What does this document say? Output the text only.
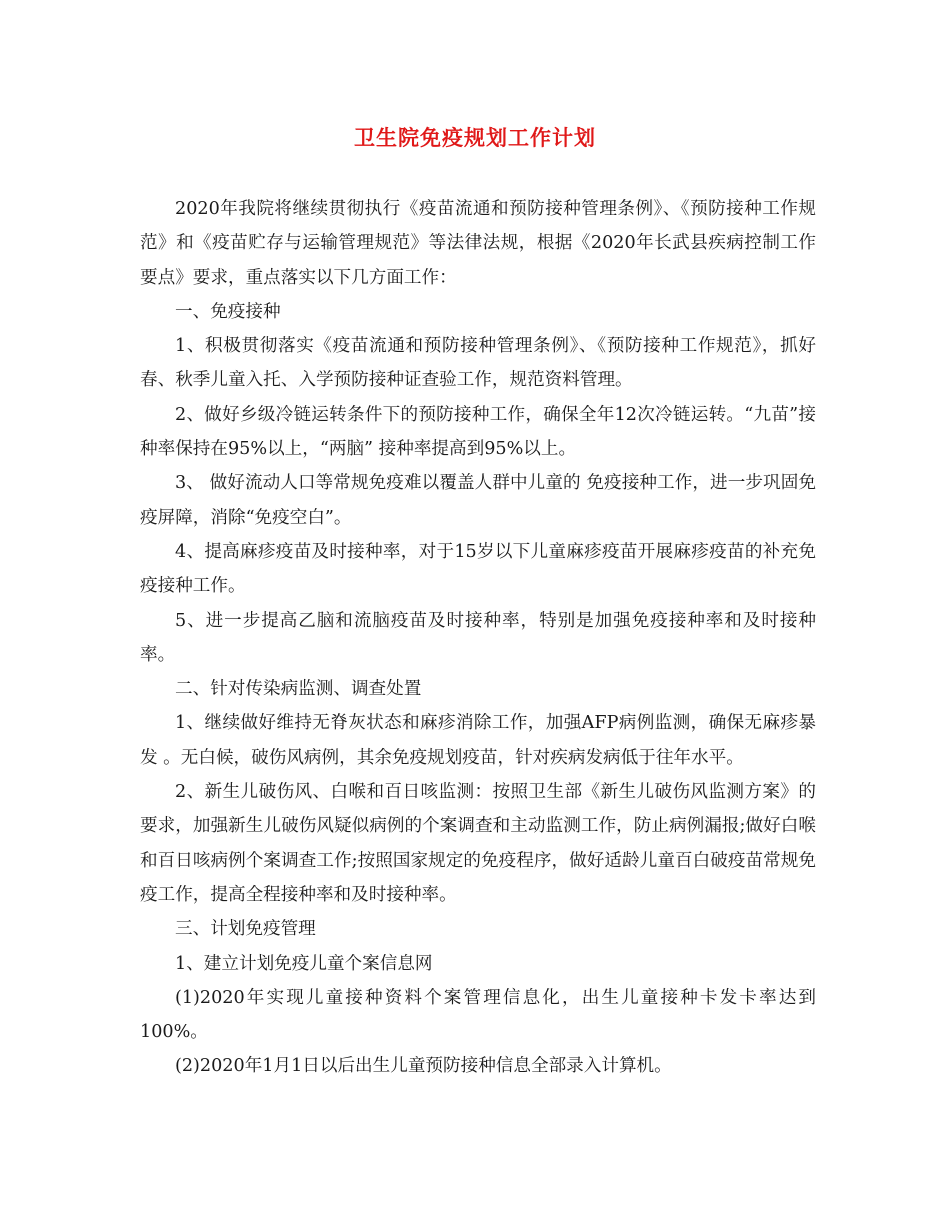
卫生院免疫规划工作计划

2020年我院将继续贯彻执行《疫苗流通和预防接种管理条例》、《预防接种工作规范》和《疫苗贮存与运输管理规范》等法律法规，根据《2020年长武县疾病控制工作要点》要求，重点落实以下几方面工作：

一、免疫接种

1、积极贯彻落实《疫苗流通和预防接种管理条例》、《预防接种工作规范》，抓好春、秋季儿童入托、入学预防接种证查验工作，规范资料管理。

2、做好乡级冷链运转条件下的预防接种工作，确保全年12次冷链运转。“九苗”接种率保持在95%以上，“两脑” 接种率提高到95%以上。

3、 做好流动人口等常规免疫难以覆盖人群中儿童的 免疫接种工作，进一步巩固免疫屏障，消除“免疫空白”。

4、提高麻疹疫苗及时接种率，对于15岁以下儿童麻疹疫苗开展麻疹疫苗的补充免疫接种工作。

5、进一步提高乙脑和流脑疫苗及时接种率，特别是加强免疫接种率和及时接种率。

二、针对传染病监测、调查处置

1、继续做好维持无脊灰状态和麻疹消除工作，加强AFP病例监测，确保无麻疹暴发 。无白候，破伤风病例，其余免疫规划疫苗，针对疾病发病低于往年水平。

2、新生儿破伤风、白喉和百日咳监测：按照卫生部《新生儿破伤风监测方案》的要求，加强新生儿破伤风疑似病例的个案调查和主动监测工作，防止病例漏报;做好白喉和百日咳病例个案调查工作;按照国家规定的免疫程序，做好适龄儿童百白破疫苗常规免疫工作，提高全程接种率和及时接种率。

三、计划免疫管理

1、建立计划免疫儿童个案信息网

(1)2020年实现儿童接种资料个案管理信息化，出生儿童接种卡发卡率达到100%。

(2)2020年1月1日以后出生儿童预防接种信息全部录入计算机。
